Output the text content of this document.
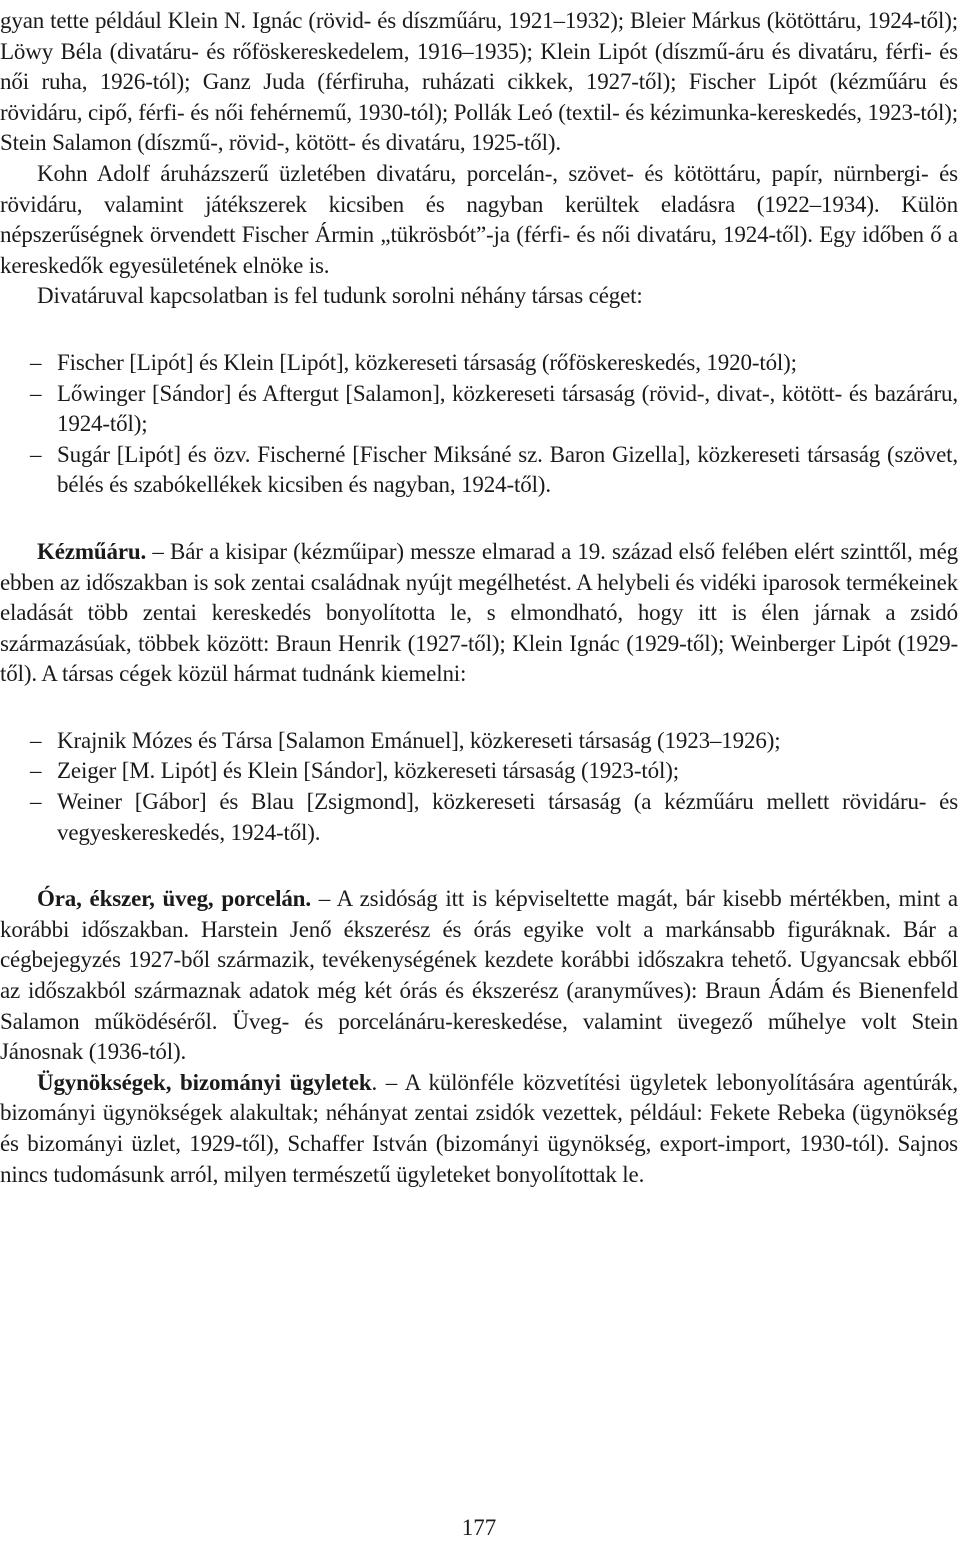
gyan tette például Klein N. Ignác (rövid- és díszműáru, 1921–1932); Bleier Márkus (kötöttáru, 1924-től); Löwy Béla (divatáru- és rőföskereskedelem, 1916–1935); Klein Lipót (díszmű-áru és divatáru, férfi- és női ruha, 1926-tól); Ganz Juda (férfiruha, ruházati cikkek, 1927-től); Fischer Lipót (kézműáru és rövidáru, cipő, férfi- és női fehérnemű, 1930-tól); Pollák Leó (textil- és kézimunka-kereskedés, 1923-tól); Stein Salamon (díszmű-, rövid-, kötött- és divatáru, 1925-től).

Kohn Adolf áruházszerű üzletében divatáru, porcelán-, szövet- és kötöttáru, papír, nürnbergi- és rövidáru, valamint játékszerek kicsiben és nagyban kerültek eladásra (1922–1934). Külön népszerűségnek örvendett Fischer Ármin „tükrösbót”-ja (férfi- és női divatáru, 1924-től). Egy időben ő a kereskedők egyesületének elnöke is.

Divatáruval kapcsolatban is fel tudunk sorolni néhány társas céget:

– Fischer [Lipót] és Klein [Lipót], közkereseti társaság (rőföskereskedés, 1920-tól);
– Lőwinger [Sándor] és Aftergut [Salamon], közkereseti társaság (rövid-, divat-, kötött- és bazáráru, 1924-től);
– Sugár [Lipót] és özv. Fischerné [Fischer Miksáné sz. Baron Gizella], közkereseti társaság (szövet, bélés és szabókellékek kicsiben és nagyban, 1924-től).

Kézműáru. – Bár a kisipar (kézműipar) messze elmarad a 19. század első felében elért szinttől, még ebben az időszakban is sok zentai családnak nyújt megélhetést. A helybeli és vidéki iparosok termékeinek eladását több zentai kereskedés bonyolította le, s elmondható, hogy itt is élen járnak a zsidó származásúak, többek között: Braun Henrik (1927-től); Klein Ignác (1929-től); Weinberger Lipót (1929-től). A társas cégek közül hármat tudnánk kiemelni:

– Krajnik Mózes és Társa [Salamon Emánuel], közkereseti társaság (1923–1926);
– Zeiger [M. Lipót] és Klein [Sándor], közkereseti társaság (1923-tól);
– Weiner [Gábor] és Blau [Zsigmond], közkereseti társaság (a kézműáru mellett rövidáru- és vegyeskereskedés, 1924-től).

Óra, ékszer, üveg, porcelán. – A zsidóság itt is képviseltette magát, bár kisebb mértékben, mint a korábbi időszakban. Harstein Jenő ékszerész és órás egyike volt a markánsabb figuráknak. Bár a cégbejegyzés 1927-ből származik, tevékenységének kezdete korábbi időszakra tehető. Ugyancsak ebből az időszakból származnak adatok még két órás és ékszerész (aranyműves): Braun Ádám és Bienenfeld Salamon működéséről. Üveg- és porcelánáru-kereskedése, valamint üvegező műhelye volt Stein Jánosnak (1936-tól).

Ügynökségek, bizományi ügyletek. – A különféle közvetítési ügyletek lebonyolítására agentúrák, bizományi ügynökségek alakultak; néhányat zentai zsidók vezettek, például: Fekete Rebeka (ügynökség és bizományi üzlet, 1929-től), Schaffer István (bizományi ügynökség, export-import, 1930-tól). Sajnos nincs tudomásunk arról, milyen természetű ügyleteket bonyolítottak le.

177
